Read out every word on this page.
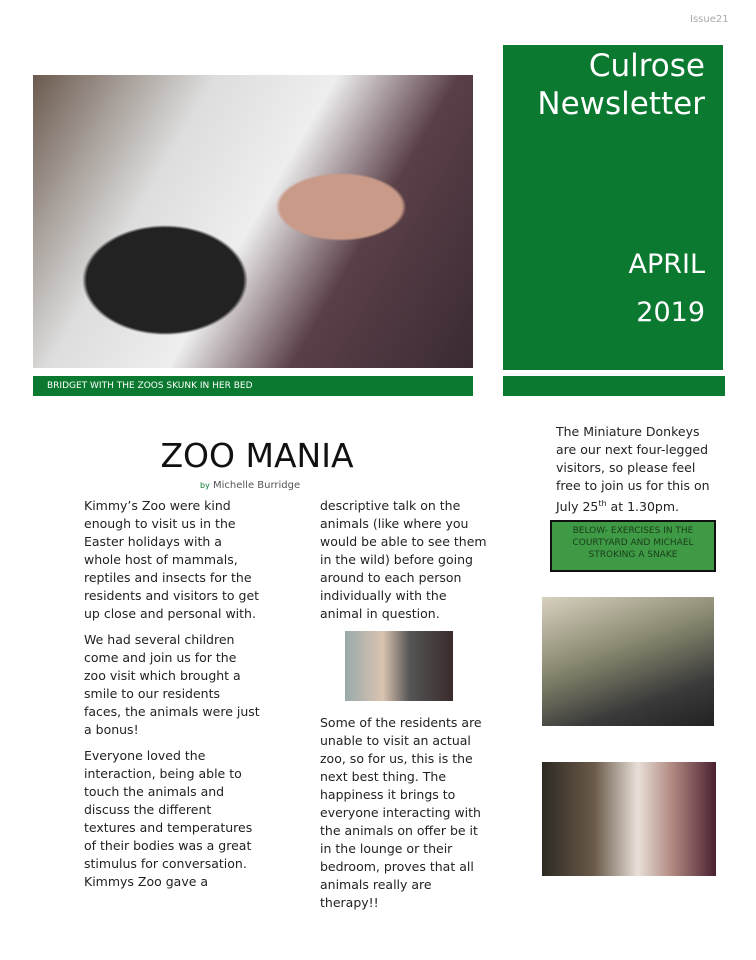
Issue21
BRIDGET WITH THE ZOOS SKUNK IN HER BED
Culrose
Newsletter
APRIL
2019
ZOO MANIA
by Michelle Burridge

Kimmy’s Zoo were kind enough to visit us in the Easter holidays with a whole host of mammals, reptiles and insects for the residents and visitors to get up close and personal with.

We had several children come and join us for the zoo visit which brought a smile to our residents faces, the animals were just a bonus!

Everyone loved the interaction, being able to touch the animals and discuss the different textures and temperatures of their bodies was a great stimulus for conversation. Kimmys Zoo gave a

descriptive talk on the animals (like where you would be able to see them in the wild) before going around to each person individually with the animal in question.

Some of the residents are unable to visit an actual zoo, so for us, this is the next best thing. The happiness it brings to everyone interacting with the animals on offer be it in the lounge or their bedroom, proves that all animals really are therapy!!

The Miniature Donkeys are our next four-legged visitors, so please feel free to join us for this on July 25th at 1.30pm.
BELOW- EXERCISES IN THE COURTYARD AND MICHAEL STROKING A SNAKE
